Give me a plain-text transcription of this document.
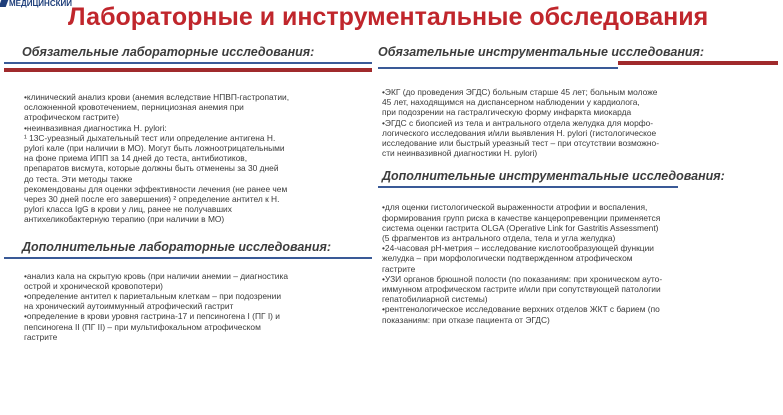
МЕДИЦИНСКИЙ
Лабораторные и инструментальные обследования
Обязательные лабораторные исследования:
•клинический анализ крови (анемия вследствие НПВП-гастропатии,
осложненной кровотечением, пернициозная анемия при
атрофическом гастрите)
•неинвазивная диагностика H. pylori:
¹ 13С-уреазный дыхательный тест или определение антигена H.
pylori кале (при наличии в МО). Могут быть ложноотрицательными
на фоне приема ИПП за 14 дней до теста, антибиотиков,
препаратов висмута, которые должны быть отменены за 30 дней
до теста. Эти методы также
рекомендованы для оценки эффективности лечения (не ранее чем
через 30 дней после его завершения) ² определение антител к H.
pylori класса IgG в крови у лиц, ранее не получавших
антихеликобактерную терапию (при наличии в МО)
Дополнительные лабораторные исследования:
•анализ кала на скрытую кровь (при наличии анемии – диагностика
острой и хронической кровопотери)
•определение антител к париетальным клеткам – при подозрении
на хронический аутоиммунный атрофический гастрит
•определение в крови уровня гастрина-17 и пепсиногена I (ПГ I) и
пепсиногена II (ПГ II) – при мультифокальном атрофическом
гастрите
Обязательные инструментальные исследования:
•ЭКГ (до проведения ЭГДС) больным старше 45 лет; больным моложе
45 лет, находящимся на диспансерном наблюдении у кардиолога,
при подозрении на гастралгическую форму инфаркта миокарда
•ЭГДС с биопсией из тела и антрального отдела желудка для морфо-
логического исследования и/или выявления H. pylori (гистологическое
исследование или быстрый уреазный тест – при отсутствии возможно-
сти неинвазивной диагностики H. pylori)
Дополнительные инструментальные исследования:
•для оценки гистологической выраженности атрофии и воспаления,
формирования групп риска в качестве канцеропревенции применяется
система оценки гастрита OLGA (Operative Link for Gastritis Assessment)
(5 фрагментов из антрального отдела, тела и угла желудка)
•24-часовая pH-метрия – исследование кислотообразующей функции
желудка – при морфологически подтвержденном атрофическом
гастрите
•УЗИ органов брюшной полости (по показаниям: при хроническом ауто-
иммунном атрофическом гастрите и/или при сопутствующей патологии
гепатобилиарной системы)
•рентгенологическое исследование верхних отделов ЖКТ с барием (по
показаниям: при отказе пациента от ЭГДС)
